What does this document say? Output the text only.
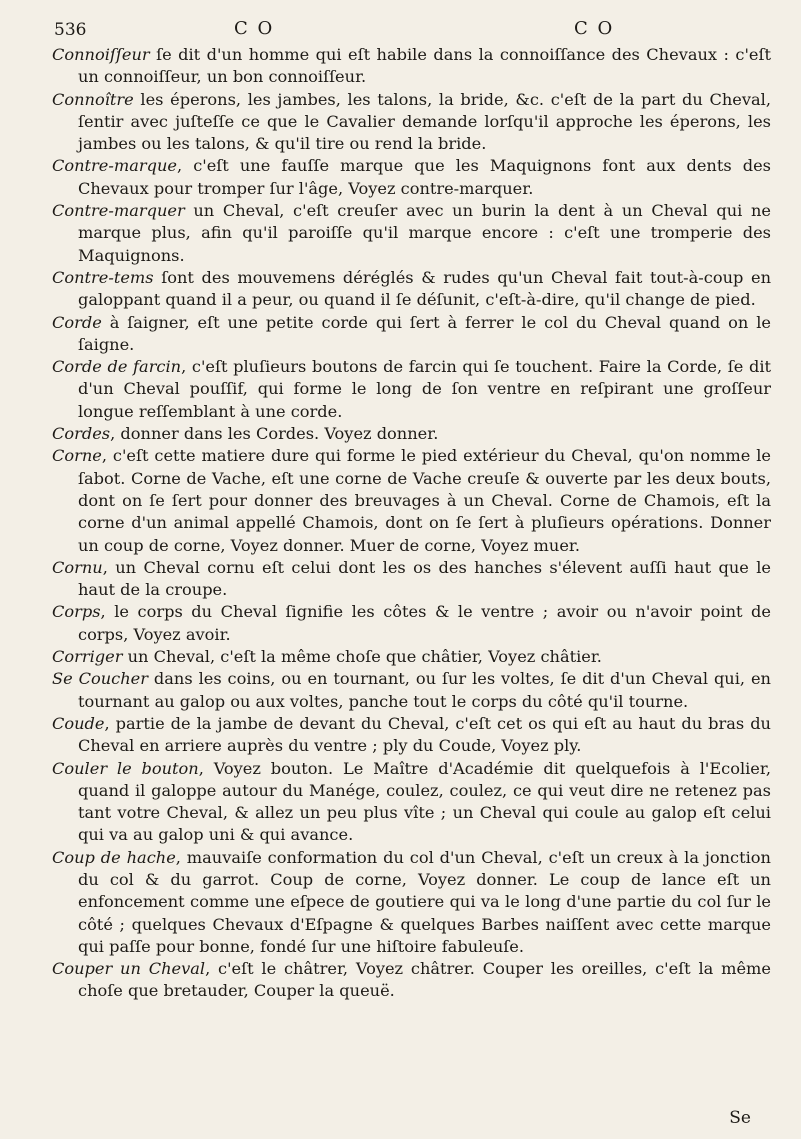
536	C O	C O

Connoiſſeur ſe dit d'un homme qui eſt habile dans la connoiſſance des Chevaux : c'eſt un connoiſſeur, un bon connoiſſeur.

Connoître les éperons, les jambes, les talons, la bride, &c. c'eſt de la part du Cheval, ſentir avec juſteſſe ce que le Cavalier demande lorſqu'il approche les éperons, les jambes ou les talons, & qu'il tire ou rend la bride.

Contre-marque, c'eſt une fauſſe marque que les Maquignons font aux dents des Chevaux pour tromper ſur l'âge, Voyez contre-marquer.

Contre-marquer un Cheval, c'eſt creuſer avec un burin la dent à un Cheval qui ne marque plus, afin qu'il paroiſſe qu'il marque encore : c'eſt une tromperie des Maquignons.

Contre-tems ſont des mouvemens déréglés & rudes qu'un Cheval fait tout-à-coup en galoppant quand il a peur, ou quand il ſe déſunit, c'eſt-à-dire, qu'il change de pied.

Corde à ſaigner, eſt une petite corde qui ſert à ferrer le col du Cheval quand on le ſaigne.

Corde de farcin, c'eſt pluſieurs boutons de farcin qui ſe touchent. Faire la Corde, ſe dit d'un Cheval pouſſif, qui forme le long de ſon ventre en reſpirant une groſſeur longue reſſemblant à une corde.

Cordes, donner dans les Cordes. Voyez donner.

Corne, c'eſt cette matiere dure qui forme le pied extérieur du Cheval, qu'on nomme le ſabot. Corne de Vache, eſt une corne de Vache creuſe & ouverte par les deux bouts, dont on ſe ſert pour donner des breuvages à un Cheval. Corne de Chamois, eſt la corne d'un animal appellé Chamois, dont on ſe ſert à pluſieurs opérations. Donner un coup de corne, Voyez donner. Muer de corne, Voyez muer.

Cornu, un Cheval cornu eſt celui dont les os des hanches s'élevent auſſi haut que le haut de la croupe.

Corps, le corps du Cheval ſignifie les côtes & le ventre ; avoir ou n'avoir point de corps, Voyez avoir.

Corriger un Cheval, c'eſt la même choſe que châtier, Voyez châtier.

Se Coucher dans les coins, ou en tournant, ou ſur les voltes, ſe dit d'un Cheval qui, en tournant au galop ou aux voltes, panche tout le corps du côté qu'il tourne.

Coude, partie de la jambe de devant du Cheval, c'eſt cet os qui eſt au haut du bras du Cheval en arriere auprès du ventre ; ply du Coude, Voyez ply.

Couler le bouton, Voyez bouton. Le Maître d'Académie dit quelquefois à l'Ecolier, quand il galoppe autour du Manége, coulez, coulez, ce qui veut dire ne retenez pas tant votre Cheval, & allez un peu plus vîte ; un Cheval qui coule au galop eſt celui qui va au galop uni & qui avance.

Coup de hache, mauvaiſe conformation du col d'un Cheval, c'eſt un creux à la jonction du col & du garrot. Coup de corne, Voyez donner. Le coup de lance eſt un enfoncement comme une eſpece de goutiere qui va le long d'une partie du col ſur le côté ; quelques Chevaux d'Eſpagne & quelques Barbes naiſſent avec cette marque qui paſſe pour bonne, fondé ſur une hiſtoire fabuleuſe.

Couper un Cheval, c'eſt le châtrer, Voyez châtrer. Couper les oreilles, c'eſt la même choſe que bretauder, Couper la queuë.

Se
